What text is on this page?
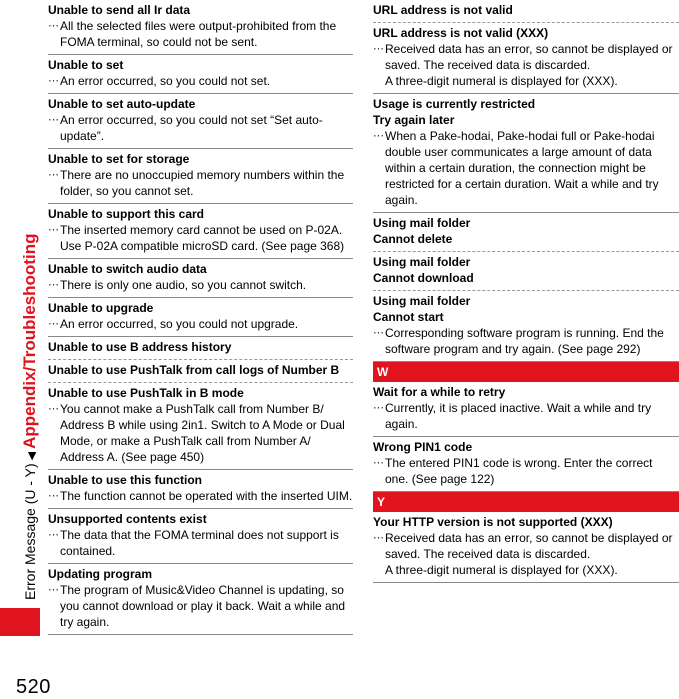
Error Message (U - Y)◀Appendix/Troubleshooting
520
Unable to send all Ir data
⋯ All the selected files were output-prohibited from the FOMA terminal, so could not be sent.
Unable to set
⋯ An error occurred, so you could not set.
Unable to set auto-update
⋯ An error occurred, so you could not set “Set auto-update”.
Unable to set for storage
⋯ There are no unoccupied memory numbers within the folder, so you cannot set.
Unable to support this card
⋯ The inserted memory card cannot be used on P-02A. Use P-02A compatible microSD card. (See page 368)
Unable to switch audio data
⋯ There is only one audio, so you cannot switch.
Unable to upgrade
⋯ An error occurred, so you could not upgrade.
Unable to use B address history
Unable to use PushTalk from call logs of Number B
Unable to use PushTalk in B mode
⋯ You cannot make a PushTalk call from Number B/ Address B while using 2in1. Switch to A Mode or Dual Mode, or make a PushTalk call from Number A/ Address A. (See page 450)
Unable to use this function
⋯ The function cannot be operated with the inserted UIM.
Unsupported contents exist
⋯ The data that the FOMA terminal does not support is contained.
Updating program
⋯ The program of Music&Video Channel is updating, so you cannot download or play it back. Wait a while and try again.
URL address is not valid
URL address is not valid (XXX)
⋯ Received data has an error, so cannot be displayed or saved. The received data is discarded.
A three-digit numeral is displayed for (XXX).
Usage is currently restricted
Try again later
⋯ When a Pake-hodai, Pake-hodai full or Pake-hodai double user communicates a large amount of data within a certain duration, the connection might be restricted for a certain duration. Wait a while and try again.
Using mail folder
Cannot delete
Using mail folder
Cannot download
Using mail folder
Cannot start
⋯ Corresponding software program is running. End the software program and try again. (See page 292)
W
Wait for a while to retry
⋯ Currently, it is placed inactive. Wait a while and try again.
Wrong PIN1 code
⋯ The entered PIN1 code is wrong. Enter the correct one. (See page 122)
Y
Your HTTP version is not supported (XXX)
⋯ Received data has an error, so cannot be displayed or saved. The received data is discarded.
A three-digit numeral is displayed for (XXX).
